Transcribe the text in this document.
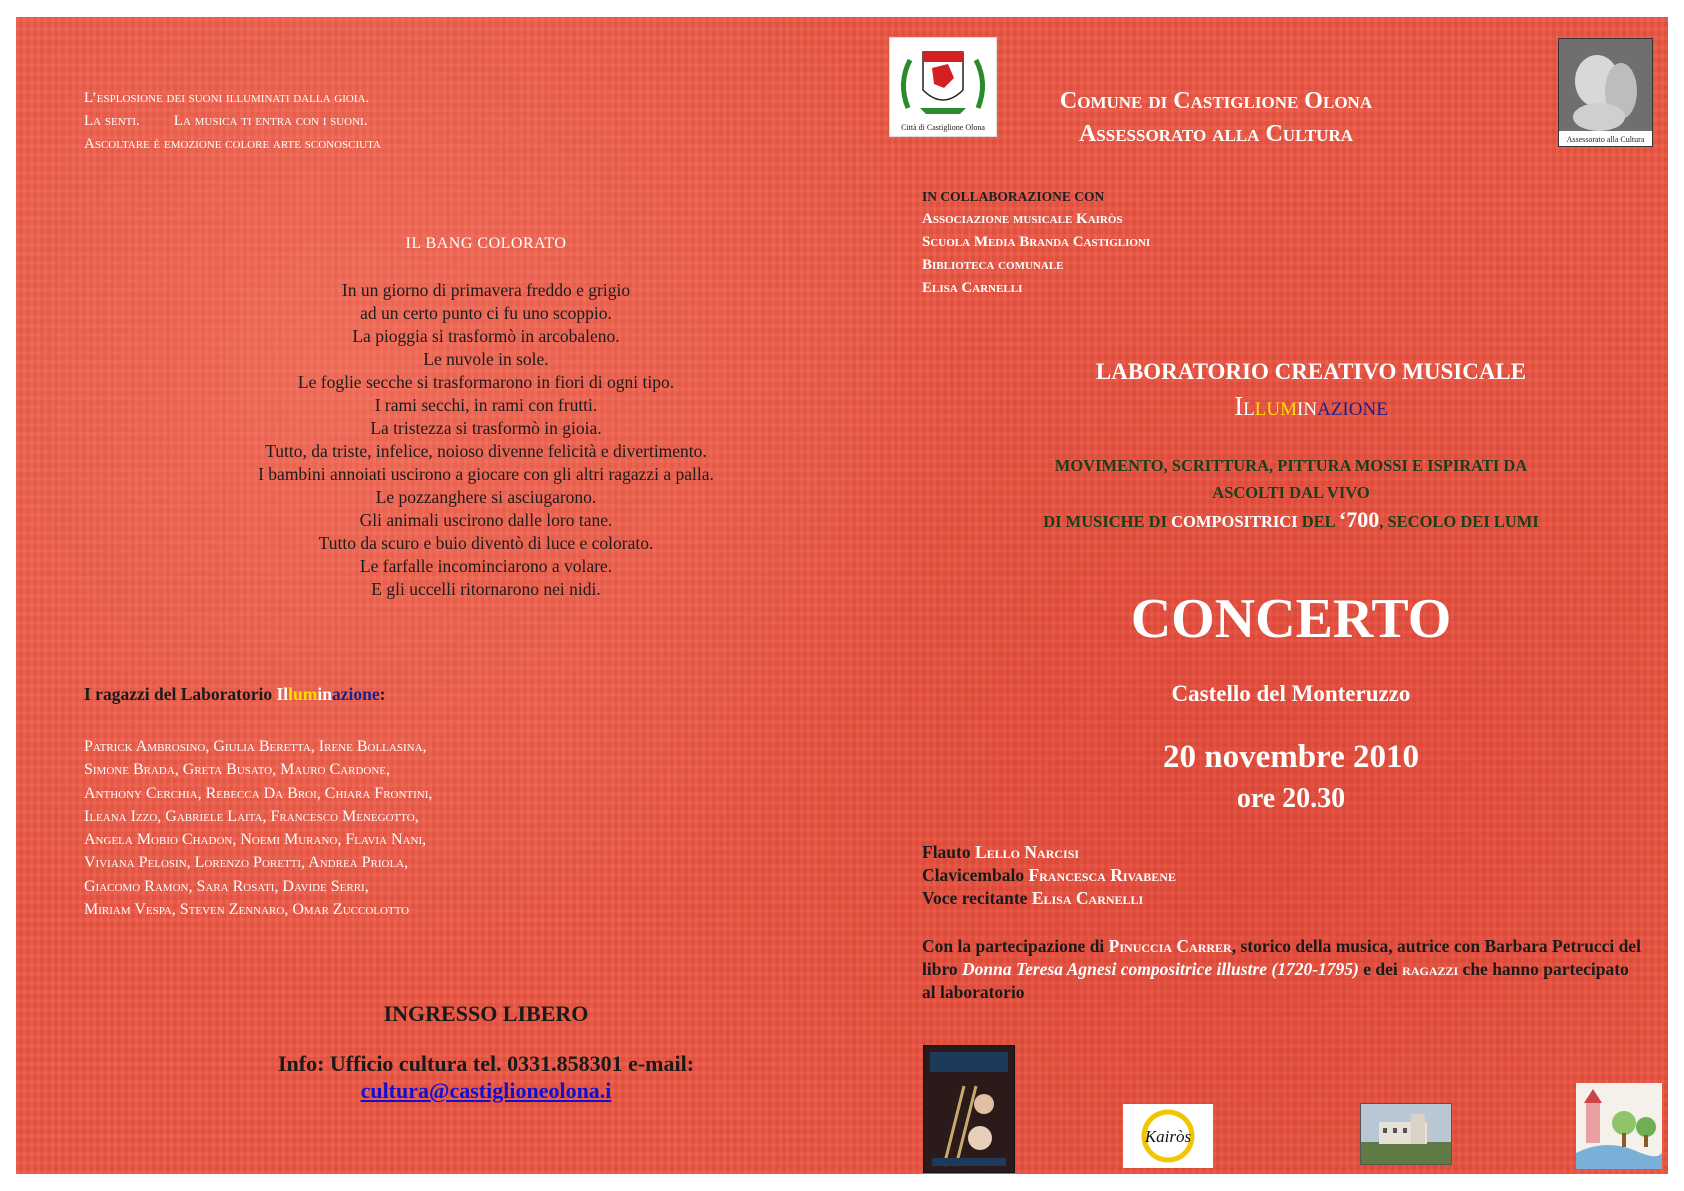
L’esplosione dei suoni illuminati dalla gioia.
La senti. La musica ti entra con i suoni.
Ascoltare è emozione colore arte sconosciuta
IL BANG COLORATO
In un giorno di primavera freddo e grigio
ad un certo punto ci fu uno scoppio.
La pioggia si trasformò in arcobaleno.
Le nuvole in sole.
Le foglie secche si trasformarono in fiori di ogni tipo.
I rami secchi, in rami con frutti.
La tristezza si trasformò in gioia.
Tutto, da triste, infelice, noioso divenne felicità e divertimento.
I bambini annoiati uscirono a giocare con gli altri ragazzi a palla.
Le pozzanghere si asciugarono.
Gli animali uscirono dalle loro tane.
Tutto da scuro e buio diventò di luce e colorato.
Le farfalle incominciarono a volare.
E gli uccelli ritornarono nei nidi.
I ragazzi del Laboratorio Illuminazione:
Patrick Ambrosino, Giulia Beretta, Irene Bollasina,
Simone Brada, Greta Busato, Mauro Cardone,
Anthony Cerchia, Rebecca Da Broi, Chiara Frontini,
Ileana Izzo, Gabriele Laita, Francesco Menegotto,
Angela Mobio Chadon, Noemi Murano, Flavia Nani,
Viviana Pelosin, Lorenzo Poretti, Andrea Priola,
Giacomo Ramon, Sara Rosati, Davide Serri,
Miriam Vespa, Steven Zennaro, Omar Zuccolotto
INGRESSO LIBERO
Info: Ufficio cultura tel. 0331.858301 e-mail:
cultura@castiglioneolona.i
Città di Castiglione Olona
Assessorato alla Cultura
Comune di Castiglione Olona
Assessorato alla Cultura
IN COLLABORAZIONE CON
Associazione musicale Kairòs
Scuola Media Branda Castiglioni
Biblioteca comunale
Elisa Carnelli
LABORATORIO CREATIVO MUSICALE
Illuminazione
MOVIMENTO, SCRITTURA, PITTURA MOSSI E ISPIRATI DA
ASCOLTI DAL VIVO
DI MUSICHE DI COMPOSITRICI DEL ‘700, SECOLO DEI LUMI
CONCERTO
Castello del Monteruzzo
20 novembre 2010
ore 20.30
Flauto Lello Narcisi
Clavicembalo Francesca Rivabene
Voce recitante Elisa Carnelli
Con la partecipazione di Pinuccia Carrer, storico della musica, autrice con Barbara Petrucci del libro Donna Teresa Agnesi compositrice illustre (1720-1795) e dei ragazzi che hanno partecipato al laboratorio
Kairòs
